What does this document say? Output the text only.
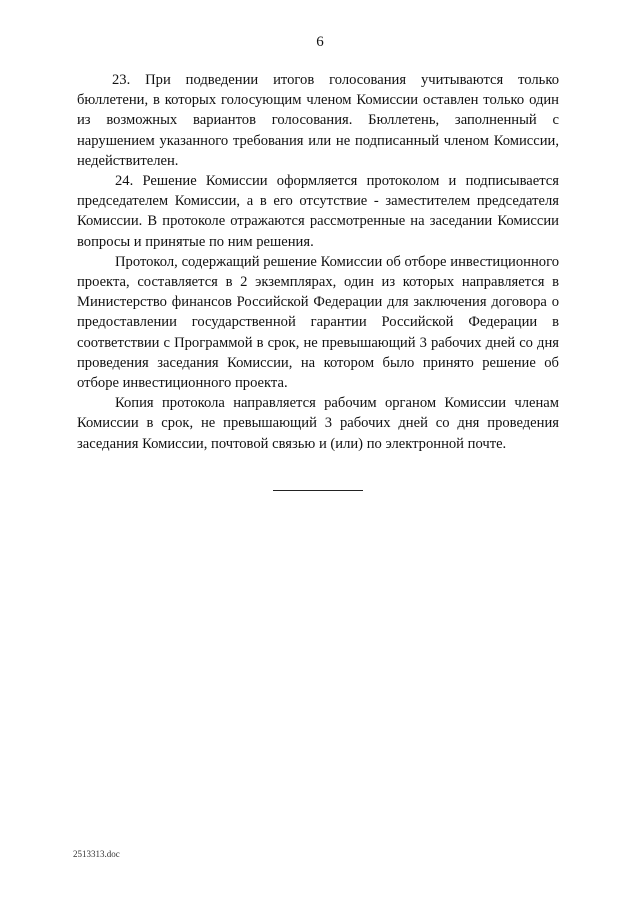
6

23. При подведении итогов голосования учитываются только бюллетени, в которых голосующим членом Комиссии оставлен только один из возможных вариантов голосования. Бюллетень, заполненный с нарушением указанного требования или не подписанный членом Комиссии, недействителен.

24. Решение Комиссии оформляется протоколом и подписывается председателем Комиссии, а в его отсутствие - заместителем председателя Комиссии. В протоколе отражаются рассмотренные на заседании Комиссии вопросы и принятые по ним решения.

Протокол, содержащий решение Комиссии об отборе инвестиционного проекта, составляется в 2 экземплярах, один из которых направляется в Министерство финансов Российской Федерации для заключения договора о предоставлении государственной гарантии Российской Федерации в соответствии с Программой в срок, не превышающий 3 рабочих дней со дня проведения заседания Комиссии, на котором было принято решение об отборе инвестиционного проекта.

Копия протокола направляется рабочим органом Комиссии членам Комиссии в срок, не превышающий 3 рабочих дней со дня проведения заседания Комиссии, почтовой связью и (или) по электронной почте.

2513313.doc
